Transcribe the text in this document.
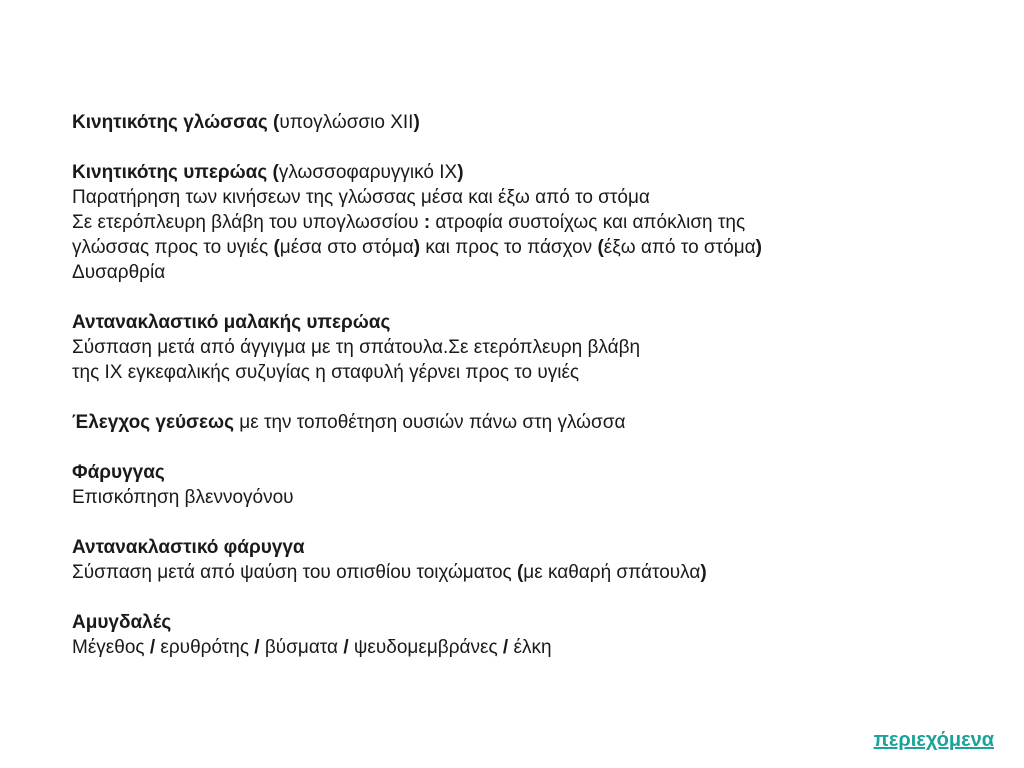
Κινητικότης γλώσσας (υπογλώσσιο XII)
Κινητικότης υπερώας (γλωσσοφαρυγγικό IX)
Παρατήρηση των κινήσεων της γλώσσας μέσα και έξω από το στόμα
Σε ετερόπλευρη βλάβη του υπογλωσσίου : ατροφία συστοίχως και απόκλιση της
γλώσσας προς το υγιές (μέσα στο στόμα) και προς το πάσχον (έξω από το στόμα)
Δυσαρθρία
Αντανακλαστικό μαλακής υπερώας
Σύσπαση μετά από άγγιγμα με τη σπάτουλα.Σε ετερόπλευρη βλάβη
της IX εγκεφαλικής συζυγίας η σταφυλή γέρνει προς το υγιές
Έλεγχος γεύσεως με την τοποθέτηση ουσιών πάνω στη γλώσσα
Φάρυγγας
Επισκόπηση βλεννογόνου
Αντανακλαστικό φάρυγγα
Σύσπαση μετά από ψαύση του οπισθίου τοιχώματος (με καθαρή σπάτουλα)
Αμυγδαλές
Μέγεθος / ερυθρότης / βύσματα / ψευδομεμβράνες / έλκη
περιεχόμενα
